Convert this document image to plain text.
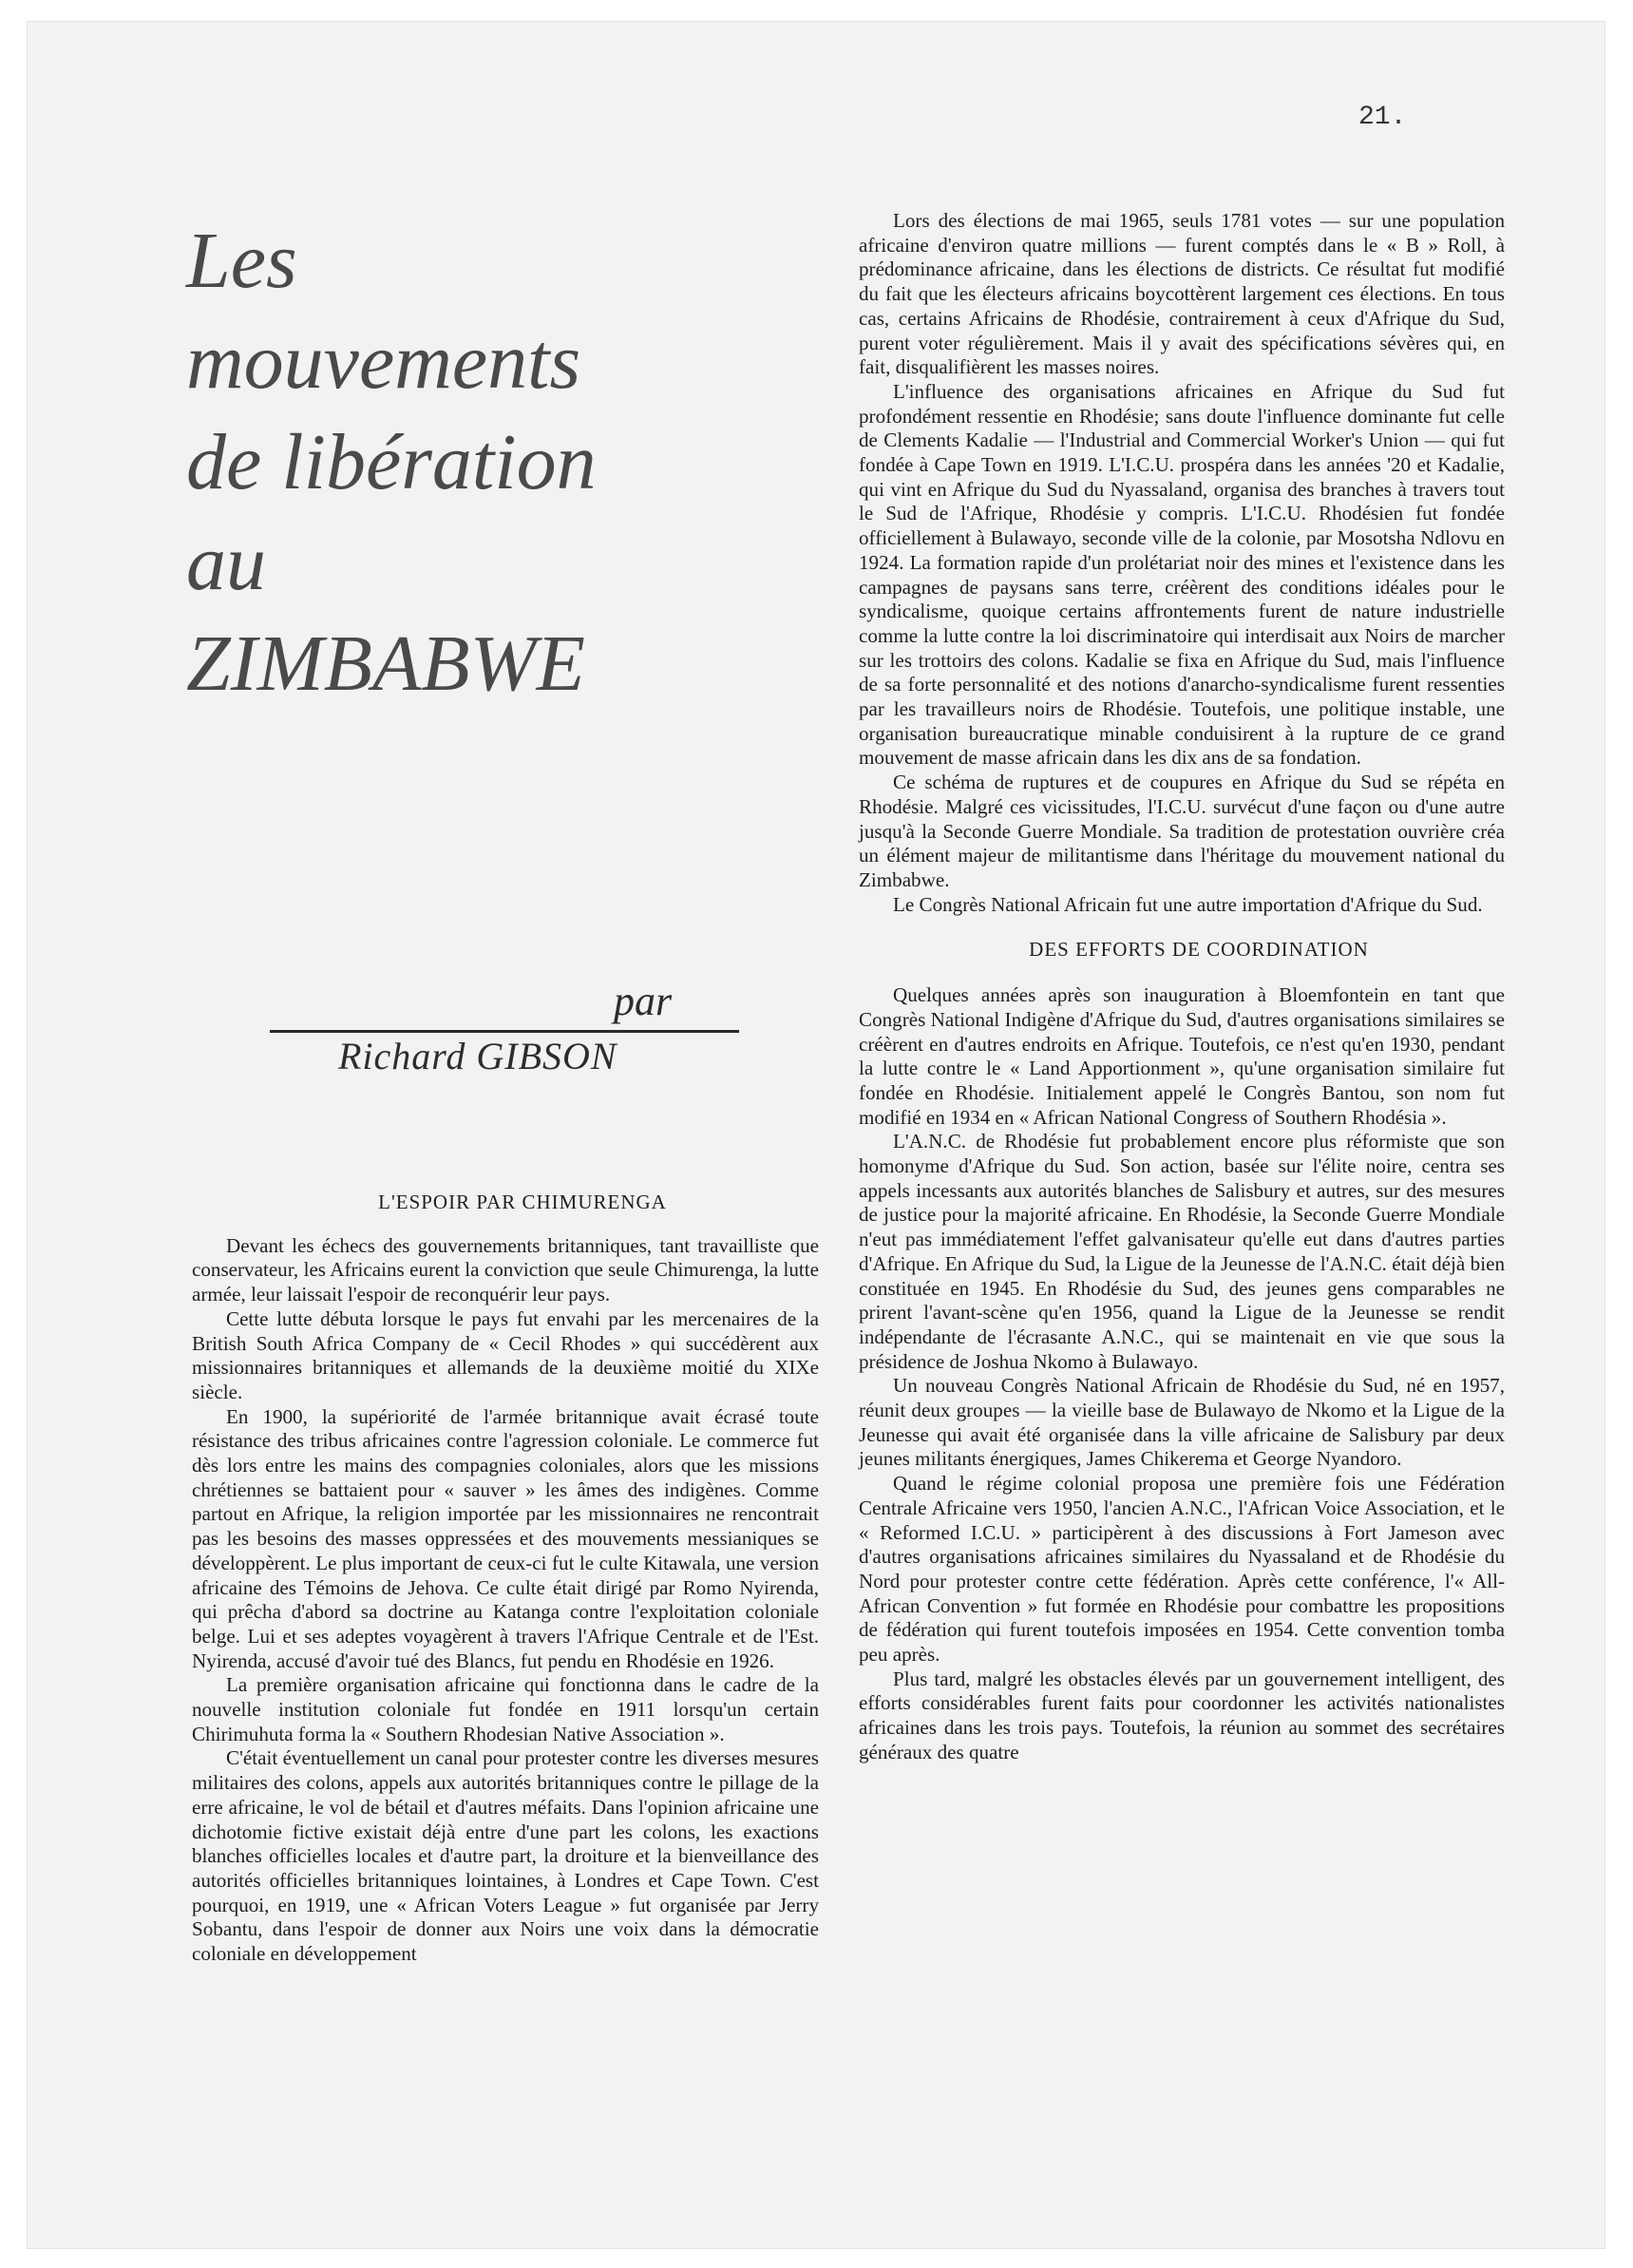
21.
Les
mouvements
de libération
au
ZIMBABWE
par
Richard GIBSON

L'ESPOIR PAR CHIMURENGA

Devant les échecs des gouvernements britanniques, tant travailliste que conservateur, les Africains eurent la conviction que seule Chimurenga, la lutte armée, leur laissait l'espoir de reconquérir leur pays.

Cette lutte débuta lorsque le pays fut envahi par les mercenaires de la British South Africa Company de « Cecil Rhodes » qui succédèrent aux missionnaires britanniques et allemands de la deuxième moitié du XIXe siècle.

En 1900, la supériorité de l'armée britannique avait écrasé toute résistance des tribus africaines contre l'agression coloniale. Le commerce fut dès lors entre les mains des compagnies coloniales, alors que les missions chrétiennes se battaient pour « sauver » les âmes des indigènes. Comme partout en Afrique, la religion importée par les missionnaires ne rencontrait pas les besoins des masses oppressées et des mouvements messianiques se développèrent. Le plus important de ceux-ci fut le culte Kitawala, une version africaine des Témoins de Jehova. Ce culte était dirigé par Romo Nyirenda, qui prêcha d'abord sa doctrine au Katanga contre l'exploitation coloniale belge. Lui et ses adeptes voyagèrent à travers l'Afrique Centrale et de l'Est. Nyirenda, accusé d'avoir tué des Blancs, fut pendu en Rhodésie en 1926.

La première organisation africaine qui fonctionna dans le cadre de la nouvelle institution coloniale fut fondée en 1911 lorsqu'un certain Chirimuhuta forma la « Southern Rhodesian Native Association ».

C'était éventuellement un canal pour protester contre les diverses mesures militaires des colons, appels aux autorités britanniques contre le pillage de la erre africaine, le vol de bétail et d'autres méfaits. Dans l'opinion africaine une dichotomie fictive existait déjà entre d'une part les colons, les exactions blanches officielles locales et d'autre part, la droiture et la bienveillance des autorités officielles britanniques lointaines, à Londres et Cape Town. C'est pourquoi, en 1919, une « African Voters League » fut organisée par Jerry Sobantu, dans l'espoir de donner aux Noirs une voix dans la démocratie coloniale en développement

Lors des élections de mai 1965, seuls 1781 votes — sur une population africaine d'environ quatre millions — furent comptés dans le « B » Roll, à prédominance africaine, dans les élections de districts. Ce résultat fut modifié du fait que les électeurs africains boycottèrent largement ces élections. En tous cas, certains Africains de Rhodésie, contrairement à ceux d'Afrique du Sud, purent voter régulièrement. Mais il y avait des spécifications sévères qui, en fait, disqualifièrent les masses noires.

L'influence des organisations africaines en Afrique du Sud fut profondément ressentie en Rhodésie; sans doute l'influence dominante fut celle de Clements Kadalie — l'Industrial and Commercial Worker's Union — qui fut fondée à Cape Town en 1919. L'I.C.U. prospéra dans les années '20 et Kadalie, qui vint en Afrique du Sud du Nyassaland, organisa des branches à travers tout le Sud de l'Afrique, Rhodésie y compris. L'I.C.U. Rhodésien fut fondée officiellement à Bulawayo, seconde ville de la colonie, par Mosotsha Ndlovu en 1924. La formation rapide d'un prolétariat noir des mines et l'existence dans les campagnes de paysans sans terre, créèrent des conditions idéales pour le syndicalisme, quoique certains affrontements furent de nature industrielle comme la lutte contre la loi discriminatoire qui interdisait aux Noirs de marcher sur les trottoirs des colons. Kadalie se fixa en Afrique du Sud, mais l'influence de sa forte personnalité et des notions d'anarcho-syndicalisme furent ressenties par les travailleurs noirs de Rhodésie. Toutefois, une politique instable, une organisation bureaucratique minable conduisirent à la rupture de ce grand mouvement de masse africain dans les dix ans de sa fondation.

Ce schéma de ruptures et de coupures en Afrique du Sud se répéta en Rhodésie. Malgré ces vicissitudes, l'I.C.U. survécut d'une façon ou d'une autre jusqu'à la Seconde Guerre Mondiale. Sa tradition de protestation ouvrière créa un élément majeur de militantisme dans l'héritage du mouvement national du Zimbabwe.

Le Congrès National Africain fut une autre importation d'Afrique du Sud.

DES EFFORTS DE COORDINATION

Quelques années après son inauguration à Bloemfontein en tant que Congrès National Indigène d'Afrique du Sud, d'autres organisations similaires se créèrent en d'autres endroits en Afrique. Toutefois, ce n'est qu'en 1930, pendant la lutte contre le « Land Apportionment », qu'une organisation similaire fut fondée en Rhodésie. Initialement appelé le Congrès Bantou, son nom fut modifié en 1934 en « African National Congress of Southern Rhodésia ».

L'A.N.C. de Rhodésie fut probablement encore plus réformiste que son homonyme d'Afrique du Sud. Son action, basée sur l'élite noire, centra ses appels incessants aux autorités blanches de Salisbury et autres, sur des mesures de justice pour la majorité africaine. En Rhodésie, la Seconde Guerre Mondiale n'eut pas immédiatement l'effet galvanisateur qu'elle eut dans d'autres parties d'Afrique. En Afrique du Sud, la Ligue de la Jeunesse de l'A.N.C. était déjà bien constituée en 1945. En Rhodésie du Sud, des jeunes gens comparables ne prirent l'avant-scène qu'en 1956, quand la Ligue de la Jeunesse se rendit indépendante de l'écrasante A.N.C., qui se maintenait en vie que sous la présidence de Joshua Nkomo à Bulawayo.

Un nouveau Congrès National Africain de Rhodésie du Sud, né en 1957, réunit deux groupes — la vieille base de Bulawayo de Nkomo et la Ligue de la Jeunesse qui avait été organisée dans la ville africaine de Salisbury par deux jeunes militants énergiques, James Chikerema et George Nyandoro.

Quand le régime colonial proposa une première fois une Fédération Centrale Africaine vers 1950, l'ancien A.N.C., l'African Voice Association, et le « Reformed I.C.U. » participèrent à des discussions à Fort Jameson avec d'autres organisations africaines similaires du Nyassaland et de Rhodésie du Nord pour protester contre cette fédération. Après cette conférence, l'« All-African Convention » fut formée en Rhodésie pour combattre les propositions de fédération qui furent toutefois imposées en 1954. Cette convention tomba peu après.

Plus tard, malgré les obstacles élevés par un gouvernement intelligent, des efforts considérables furent faits pour coordonner les activités nationalistes africaines dans les trois pays. Toutefois, la réunion au sommet des secrétaires généraux des quatre
